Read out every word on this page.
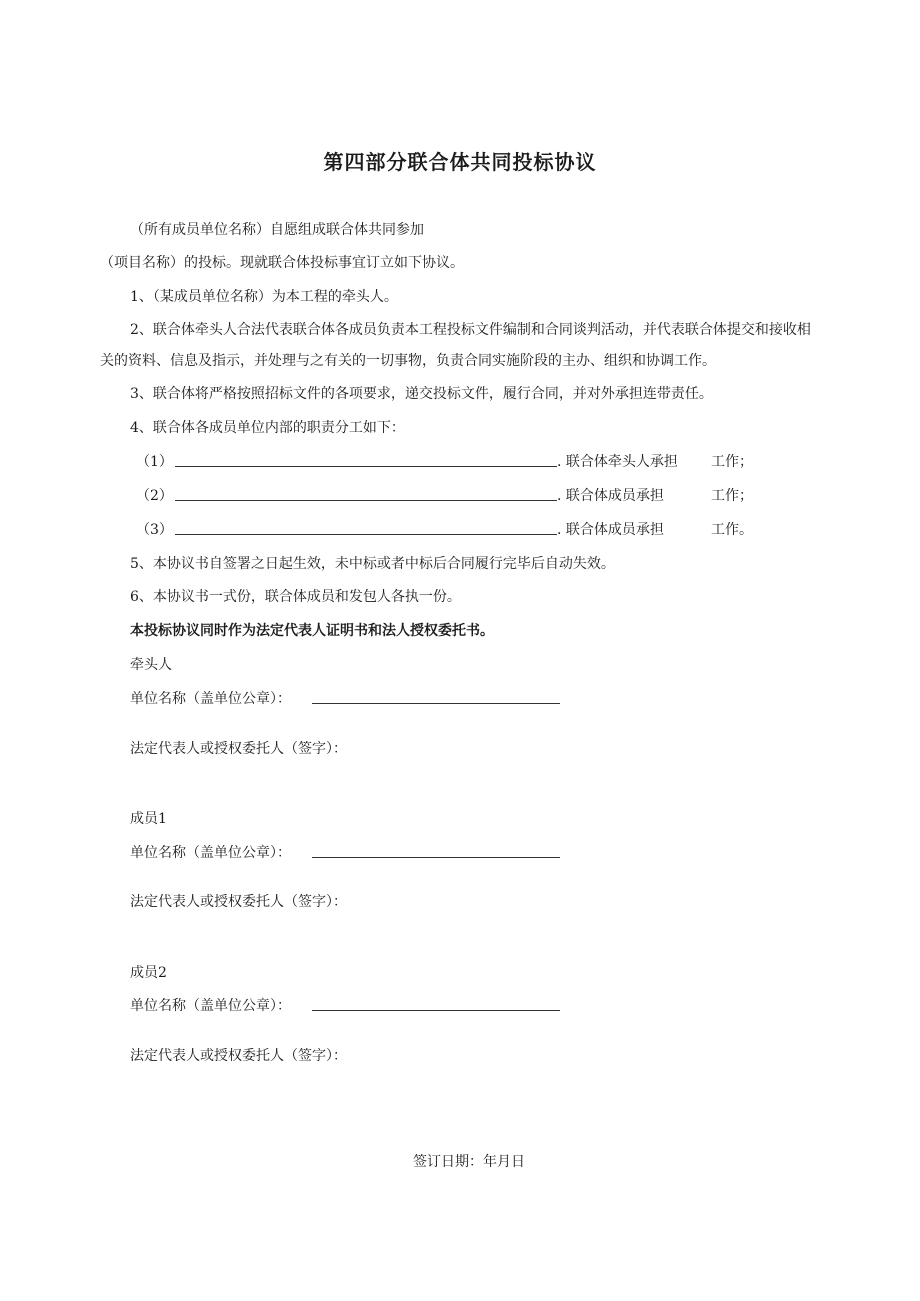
第四部分联合体共同投标协议
（所有成员单位名称）自愿组成联合体共同参加
（项目名称）的投标。现就联合体投标事宜订立如下协议。
1、（某成员单位名称）为本工程的牵头人。
2、联合体牵头人合法代表联合体各成员负责本工程投标文件编制和合同谈判活动，并代表联合体提交和接收相
关的资料、信息及指示，并处理与之有关的一切事物，负责合同实施阶段的主办、组织和协调工作。
3、联合体将严格按照招标文件的各项要求，递交投标文件，履行合同，并对外承担连带责任。
4、联合体各成员单位内部的职责分工如下：
（1）	. 联合体牵头人承担 工作；
（2）	. 联合体成员承担	工作；
（3）	. 联合体成员承担	工作。
5、本协议书自签署之日起生效，未中标或者中标后合同履行完毕后自动失效。
6、本协议书一式份，联合体成员和发包人各执一份。
本投标协议同时作为法定代表人证明书和法人授权委托书。
牵头人
单位名称（盖单位公章）：
法定代表人或授权委托人（签字）：
成员1
单位名称（盖单位公章）：
法定代表人或授权委托人（签字）：
成员2
单位名称（盖单位公章）：
法定代表人或授权委托人（签字）：
签订日期：年月日
